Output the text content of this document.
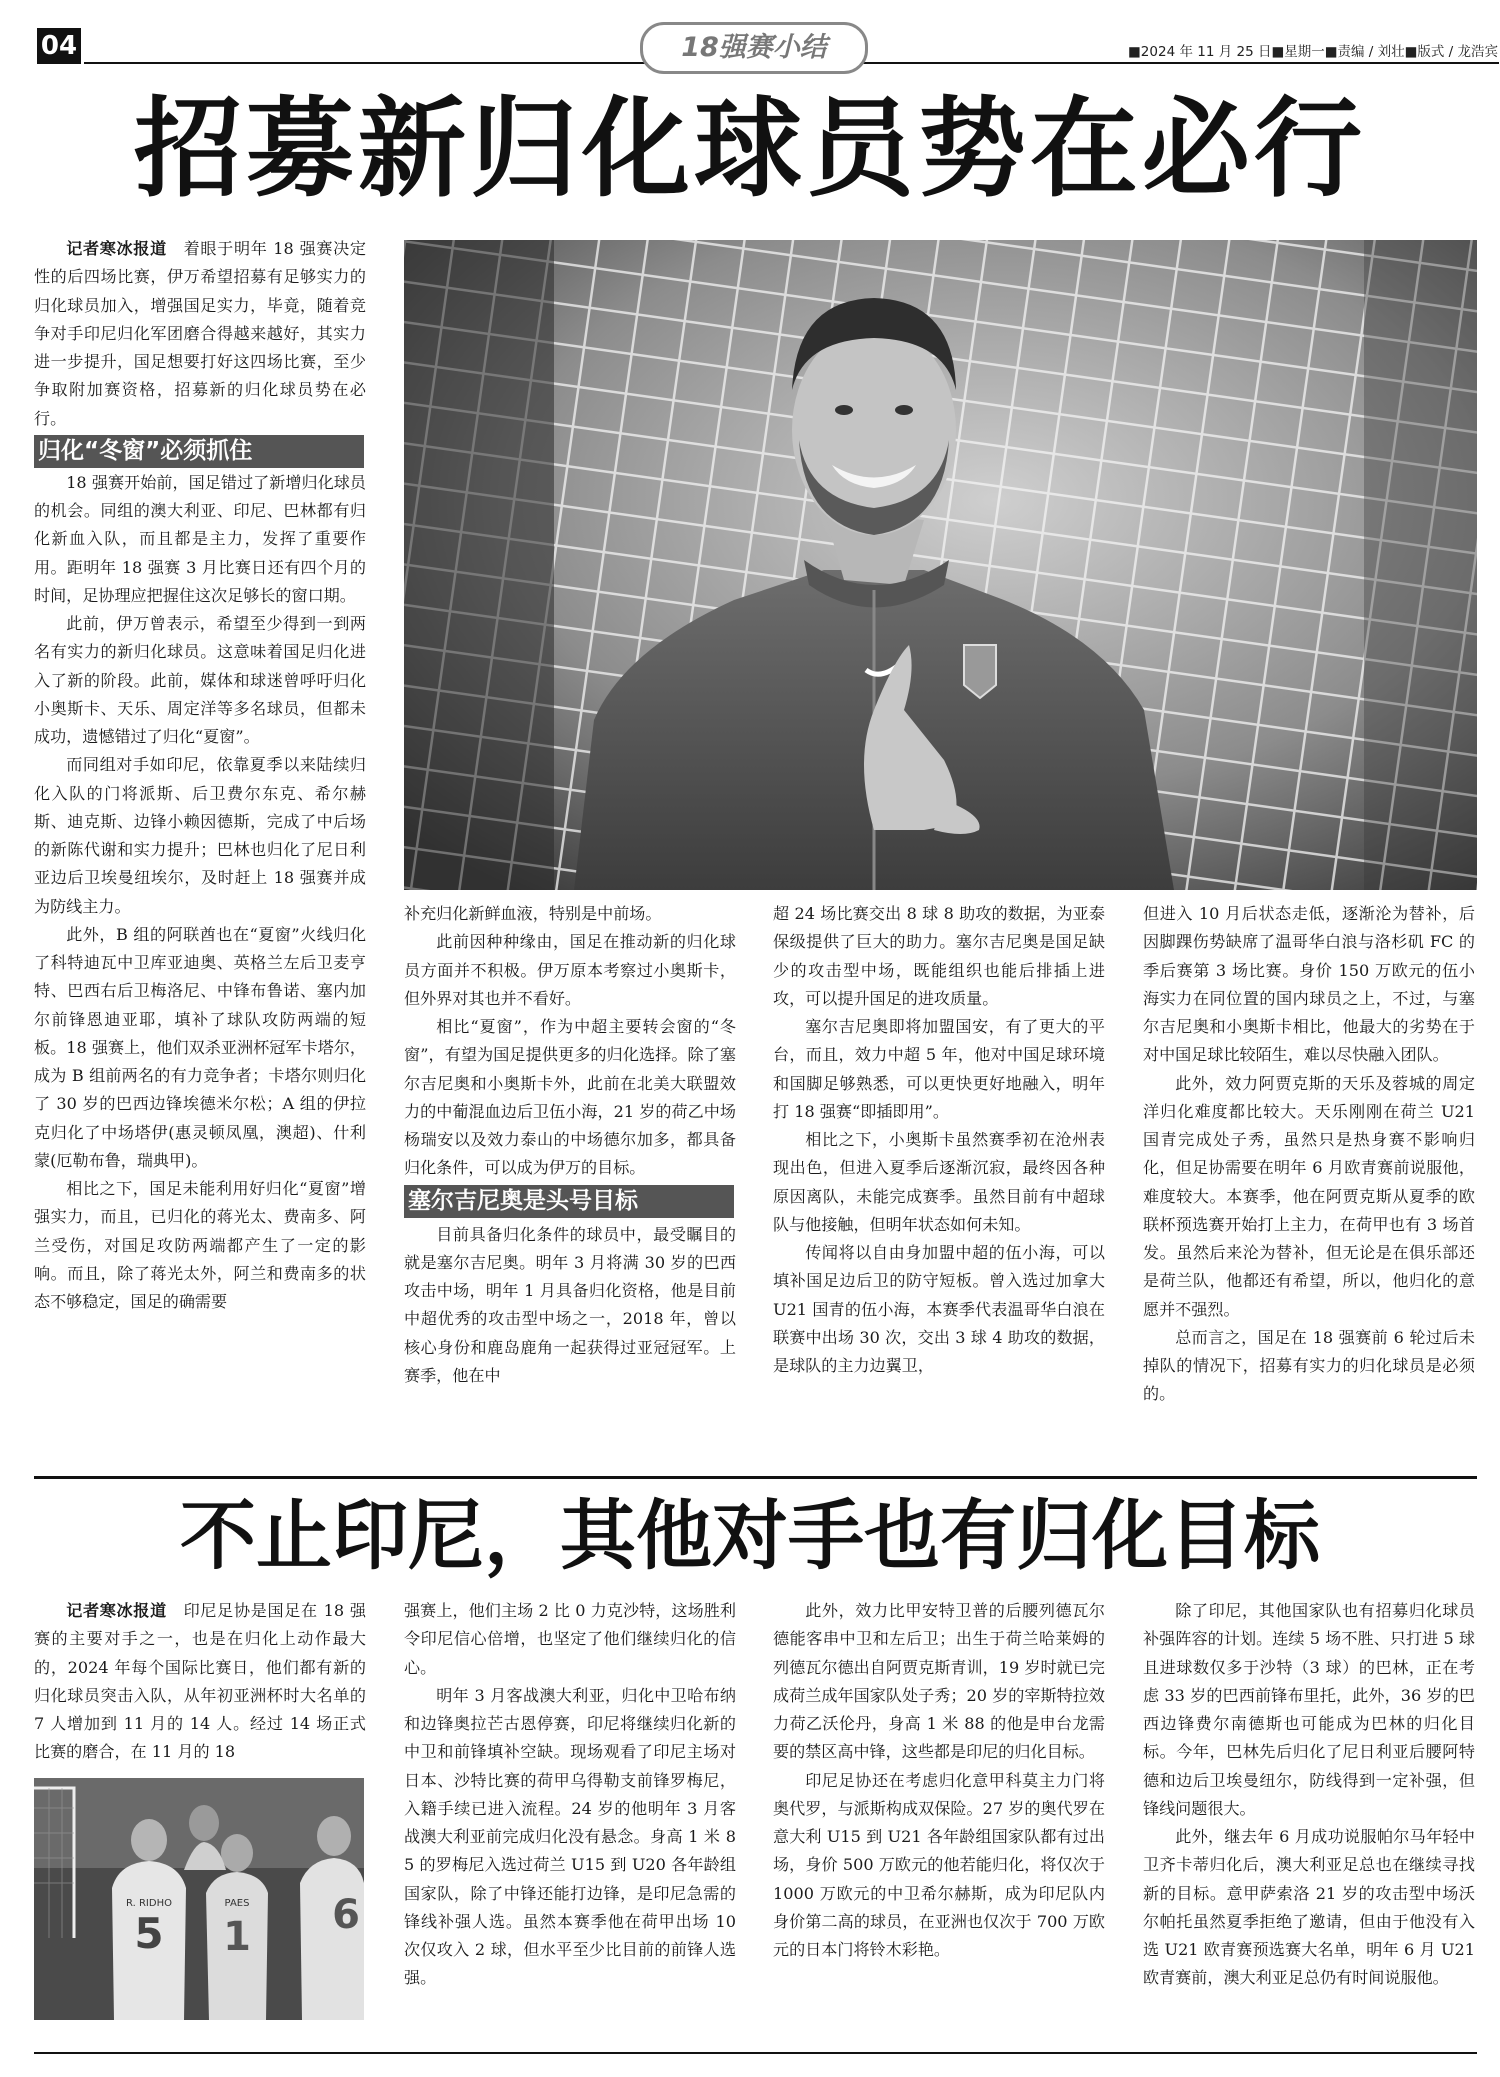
04	18强赛小结	■2024 年 11 月 25 日■星期一■责编 / 刘壮■版式 / 龙浩宾
招募新归化球员势在必行

记者寒冰报道　 着眼于明年 18 强赛决定性的后四场比赛，伊万希望招募有足够实力的归化球员加入，增强国足实力，毕竟，随着竞争对手印尼归化军团磨合得越来越好，其实力进一步提升，国足想要打好这四场比赛，至少争取附加赛资格，招募新的归化球员势在必行。

归化“冬窗”必须抓住

18 强赛开始前，国足错过了新增归化球员的机会。同组的澳大利亚、印尼、巴林都有归化新血入队，而且都是主力，发挥了重要作用。距明年 18 强赛 3 月比赛日还有四个月的时间，足协理应把握住这次足够长的窗口期。

此前，伊万曾表示，希望至少得到一到两名有实力的新归化球员。这意味着国足归化进入了新的阶段。此前，媒体和球迷曾呼吁归化小奥斯卡、天乐、周定洋等多名球员，但都未成功，遗憾错过了归化“夏窗”。

而同组对手如印尼，依靠夏季以来陆续归化入队的门将派斯、后卫费尔东克、希尔赫斯、迪克斯、边锋小赖因德斯，完成了中后场的新陈代谢和实力提升；巴林也归化了尼日利亚边后卫埃曼纽埃尔，及时赶上 18 强赛并成为防线主力。

此外，B 组的阿联酋也在“夏窗”火线归化了科特迪瓦中卫库亚迪奥、英格兰左后卫麦亨特、巴西右后卫梅洛尼、中锋布鲁诺、塞内加尔前锋恩迪亚耶，填补了球队攻防两端的短板。18 强赛上，他们双杀亚洲杯冠军卡塔尔，成为 B 组前两名的有力竞争者；卡塔尔则归化了 30 岁的巴西边锋埃德米尔松；A 组的伊拉克归化了中场塔伊(惠灵顿凤凰，澳超)、什利蒙(厄勒布鲁，瑞典甲)。

相比之下，国足未能利用好归化“夏窗”增强实力，而且，已归化的蒋光太、费南多、阿兰受伤，对国足攻防两端都产生了一定的影响。而且，除了蒋光太外，阿兰和费南多的状态不够稳定，国足的确需要

补充归化新鲜血液，特别是中前场。

此前因种种缘由，国足在推动新的归化球员方面并不积极。伊万原本考察过小奥斯卡，但外界对其也并不看好。

相比“夏窗”，作为中超主要转会窗的“冬窗”，有望为国足提供更多的归化选择。除了塞尔吉尼奥和小奥斯卡外，此前在北美大联盟效力的中葡混血边后卫伍小海，21 岁的荷乙中场杨瑞安以及效力泰山的中场德尔加多，都具备归化条件，可以成为伊万的目标。

塞尔吉尼奥是头号目标

目前具备归化条件的球员中，最受瞩目的就是塞尔吉尼奥。明年 3 月将满 30 岁的巴西攻击中场，明年 1 月具备归化资格，他是目前中超优秀的攻击型中场之一，2018 年，曾以核心身份和鹿岛鹿角一起获得过亚冠冠军。上赛季，他在中

超 24 场比赛交出 8 球 8 助攻的数据，为亚泰保级提供了巨大的助力。塞尔吉尼奥是国足缺少的攻击型中场，既能组织也能后排插上进攻，可以提升国足的进攻质量。

塞尔吉尼奥即将加盟国安，有了更大的平台，而且，效力中超 5 年，他对中国足球环境和国脚足够熟悉，可以更快更好地融入，明年打 18 强赛“即插即用”。

相比之下，小奥斯卡虽然赛季初在沧州表现出色，但进入夏季后逐渐沉寂，最终因各种原因离队，未能完成赛季。虽然目前有中超球队与他接触，但明年状态如何未知。

传闻将以自由身加盟中超的伍小海，可以填补国足边后卫的防守短板。曾入选过加拿大 U21 国青的伍小海，本赛季代表温哥华白浪在联赛中出场 30 次，交出 3 球 4 助攻的数据，是球队的主力边翼卫，

但进入 10 月后状态走低，逐渐沦为替补，后因脚踝伤势缺席了温哥华白浪与洛杉矶 FC 的季后赛第 3 场比赛。身价 150 万欧元的伍小海实力在同位置的国内球员之上，不过，与塞尔吉尼奥和小奥斯卡相比，他最大的劣势在于对中国足球比较陌生，难以尽快融入团队。

此外，效力阿贾克斯的天乐及蓉城的周定洋归化难度都比较大。天乐刚刚在荷兰 U21 国青完成处子秀，虽然只是热身赛不影响归化，但足协需要在明年 6 月欧青赛前说服他，难度较大。本赛季，他在阿贾克斯从夏季的欧联杯预选赛开始打上主力，在荷甲也有 3 场首发。虽然后来沦为替补，但无论是在俱乐部还是荷兰队，他都还有希望，所以，他归化的意愿并不强烈。

总而言之，国足在 18 强赛前 6 轮过后未掉队的情况下，招募有实力的归化球员是必须的。

不止印尼，其他对手也有归化目标

记者寒冰报道　 印尼足协是国足在 18 强赛的主要对手之一，也是在归化上动作最大的，2024 年每个国际比赛日，他们都有新的归化球员突击入队，从年初亚洲杯时大名单的 7 人增加到 11 月的 14 人。经过 14 场正式比赛的磨合，在 11 月的 18

R. RIDHO
5
PAES
1 6

强赛上，他们主场 2 比 0 力克沙特，这场胜利令印尼信心倍增，也坚定了他们继续归化的信心。

明年 3 月客战澳大利亚，归化中卫哈布纳和边锋奥拉芒古恩停赛，印尼将继续归化新的中卫和前锋填补空缺。现场观看了印尼主场对日本、沙特比赛的荷甲乌得勒支前锋罗梅尼，入籍手续已进入流程。24 岁的他明年 3 月客战澳大利亚前完成归化没有悬念。身高 1 米 85 的罗梅尼入选过荷兰 U15 到 U20 各年龄组国家队，除了中锋还能打边锋，是印尼急需的锋线补强人选。虽然本赛季他在荷甲出场 10 次仅攻入 2 球，但水平至少比目前的前锋人选强。

此外，效力比甲安特卫普的后腰列德瓦尔德能客串中卫和左后卫；出生于荷兰哈莱姆的列德瓦尔德出自阿贾克斯青训，19 岁时就已完成荷兰成年国家队处子秀；20 岁的宰斯特拉效力荷乙沃伦丹，身高 1 米 88 的他是申台龙需要的禁区高中锋，这些都是印尼的归化目标。

印尼足协还在考虑归化意甲科莫主力门将奥代罗，与派斯构成双保险。27 岁的奥代罗在意大利 U15 到 U21 各年龄组国家队都有过出场，身价 500 万欧元的他若能归化，将仅次于 1000 万欧元的中卫希尔赫斯，成为印尼队内身价第二高的球员，在亚洲也仅次于 700 万欧元的日本门将铃木彩艳。

除了印尼，其他国家队也有招募归化球员补强阵容的计划。连续 5 场不胜、只打进 5 球且进球数仅多于沙特（3 球）的巴林，正在考虑 33 岁的巴西前锋布里托，此外，36 岁的巴西边锋费尔南德斯也可能成为巴林的归化目标。今年，巴林先后归化了尼日利亚后腰阿特德和边后卫埃曼纽尔，防线得到一定补强，但锋线问题很大。

此外，继去年 6 月成功说服帕尔马年轻中卫齐卡蒂归化后，澳大利亚足总也在继续寻找新的目标。意甲萨索洛 21 岁的攻击型中场沃尔帕托虽然夏季拒绝了邀请，但由于他没有入选 U21 欧青赛预选赛大名单，明年 6 月 U21 欧青赛前，澳大利亚足总仍有时间说服他。
